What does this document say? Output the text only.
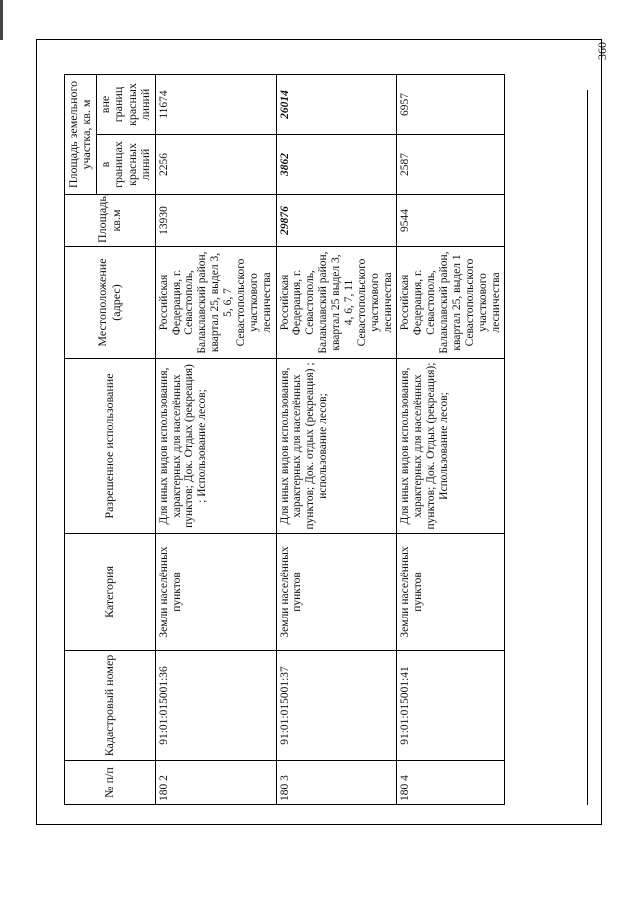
360
№ п/п	Кадастровый номер	Категория	Разрешенное использование	Местоположение (адрес)	Площадь, кв.м	Площадь земельного участка, кв. м	
						в границах красных линий	вне границ красных линий
180 2	91:01:015001:36	Земли населённых пунктов	Для иных видов использования, характерных для населённых пунктов; Док. Отдых (рекреация) ; Использование лесов;	Российская Федерация, г. Севастополь, Балаклавский район, квартал 25, выдел 3, 5, 6, 7 Севастопольского участкового лесничества	13930	2256	11674
180 3	91:01:015001:37	Земли населённых пунктов	Для иных видов использования, характерных для населённых пунктов; Док. отдых (рекреация) ; использование лесов;	Российская Федерация, г. Севастополь, Балаклавский район, квартал 25 выдел 3, 4, 6, 7, 11 Севастопольского участкового лесничества	29876	3862	26014
180 4	91:01:015001:41	Земли населённых пунктов	Для иных видов использования, характерных для населённых пунктов; Док. Отдых (рекреация); Использование лесов;	Российская Федерация, г. Севастополь, Балаклавский район, квартал 25, выдел 1 Севастопольского участкового лесничества	9544	2587	6957
